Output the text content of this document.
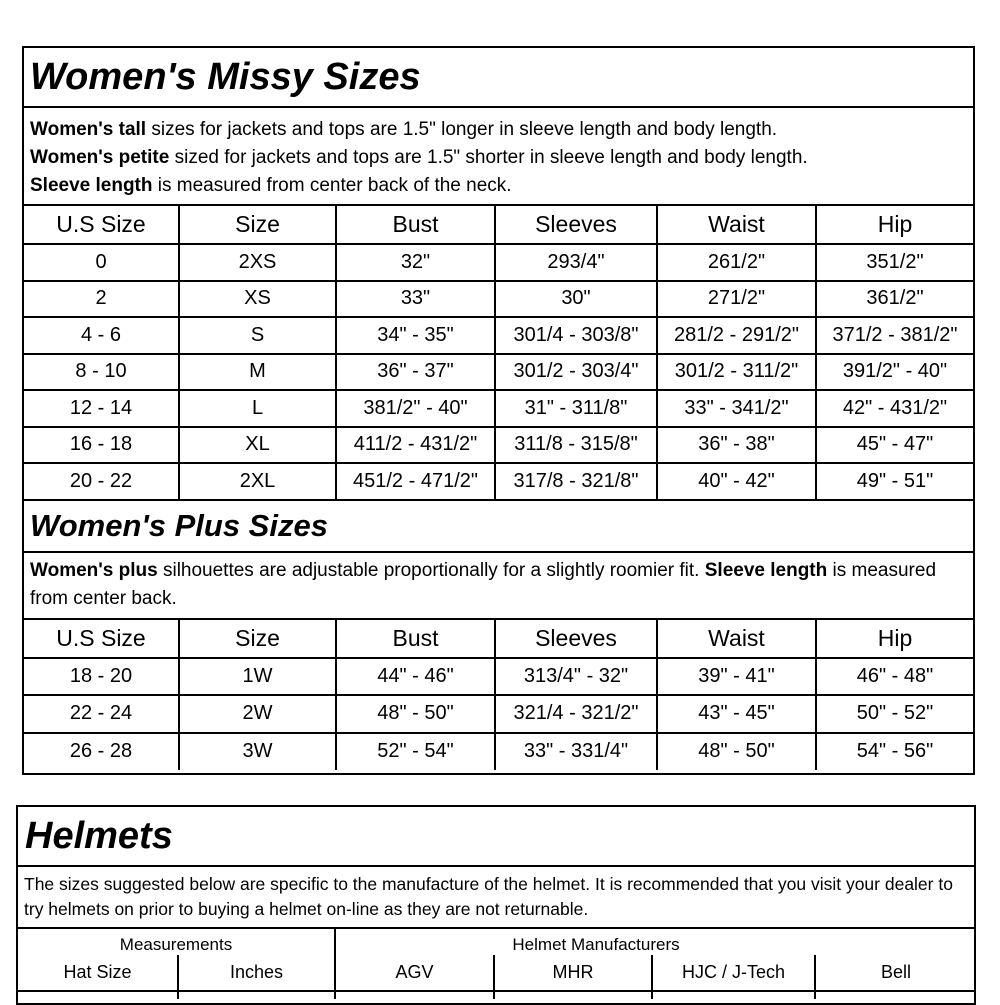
Women's Missy Sizes
Women's tall sizes for jackets and tops are 1.5" longer in sleeve length and body length.
Women's petite sized for jackets and tops are 1.5" shorter in sleeve length and body length.
Sleeve length is measured from center back of the neck.
U.S Size	Size	Bust	Sleeves	Waist	Hip
0	2XS	32"	293/4"	261/2"	351/2"
2	XS	33"	30"	271/2"	361/2"
4 - 6	S	34" - 35"	301/4 - 303/8"	281/2 - 291/2"	371/2 - 381/2"
8 - 10	M	36" - 37"	301/2 - 303/4"	301/2 - 311/2"	391/2" - 40"
12 - 14	L	381/2" - 40"	31" - 311/8"	33" - 341/2"	42" - 431/2"
16 - 18	XL	411/2 - 431/2"	311/8 - 315/8"	36" - 38"	45" - 47"
20 - 22	2XL	451/2 - 471/2"	317/8 - 321/8"	40" - 42"	49" - 51"
Women's Plus Sizes
Women's plus silhouettes are adjustable proportionally for a slightly roomier fit. Sleeve length is measured from center back.
U.S Size	Size	Bust	Sleeves	Waist	Hip
18 - 20	1W	44" - 46"	313/4" - 32"	39" - 41"	46" - 48"
22 - 24	2W	48" - 50"	321/4 - 321/2"	43" - 45"	50" - 52"
26 - 28	3W	52" - 54"	33" - 331/4"	48" - 50"	54" - 56"
Helmets
The sizes suggested below are specific to the manufacture of the helmet. It is recommended that you visit your dealer to try helmets on prior to buying a helmet on-line as they are not returnable.
Measurements		Helmet Manufacturers			
Hat Size	Inches	AGV	MHR	HJC / J-Tech	Bell
